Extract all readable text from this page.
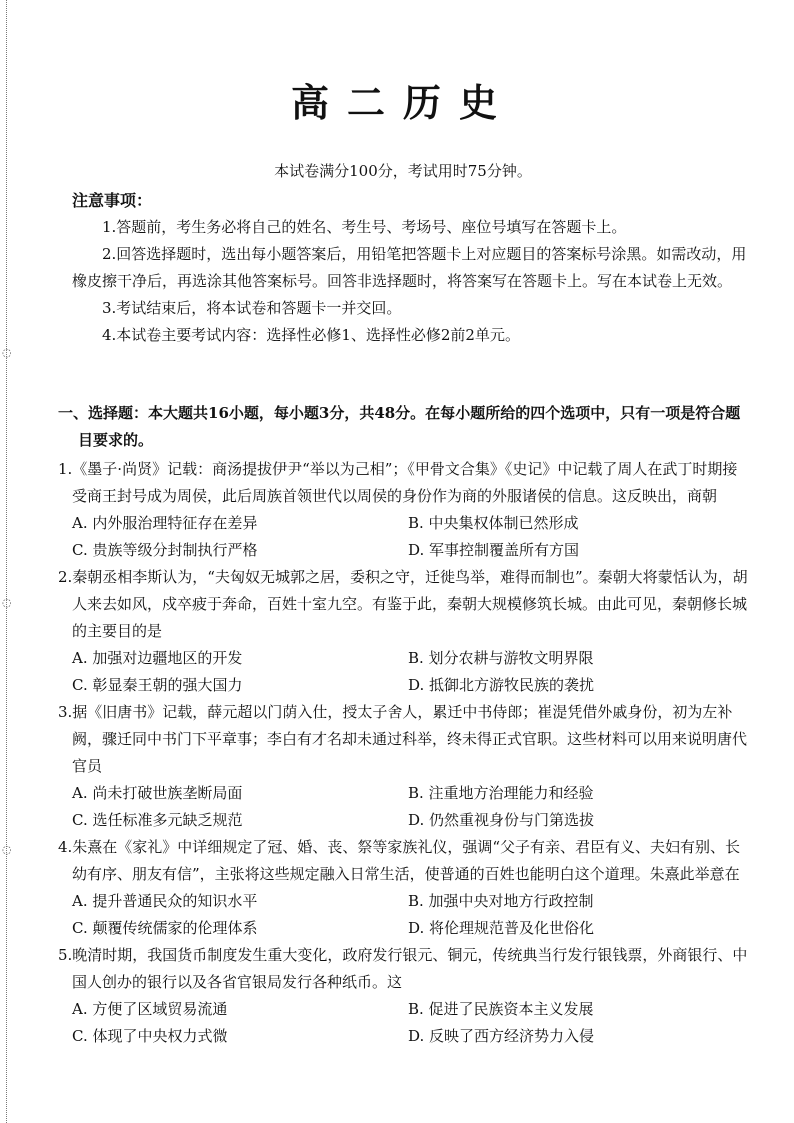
◌
◌
◌
高二历史
本试卷满分100分，考试用时75分钟。
注意事项：

1.答题前，考生务必将自己的姓名、考生号、考场号、座位号填写在答题卡上。

2.回答选择题时，选出每小题答案后，用铅笔把答题卡上对应题目的答案标号涂黑。如需改动，用橡皮擦干净后，再选涂其他答案标号。回答非选择题时，将答案写在答题卡上。写在本试卷上无效。

3.考试结束后，将本试卷和答题卡一并交回。

4.本试卷主要考试内容：选择性必修1、选择性必修2前2单元。

一、选择题：本大题共16小题，每小题3分，共48分。在每小题所给的四个选项中，只有一项是符合题目要求的。
1.《墨子·尚贤》记载：商汤提拔伊尹“举以为己相”；《甲骨文合集》《史记》中记载了周人在武丁时期接受商王封号成为周侯，此后周族首领世代以周侯的身份作为商的外服诸侯的信息。这反映出，商朝
A. 内外服治理特征存在差异	B. 中央集权体制已然形成
C. 贵族等级分封制执行严格	D. 军事控制覆盖所有方国
2.秦朝丞相李斯认为，“夫匈奴无城郭之居，委积之守，迁徙鸟举，难得而制也”。秦朝大将蒙恬认为，胡人来去如风，戍卒疲于奔命，百姓十室九空。有鉴于此，秦朝大规模修筑长城。由此可见，秦朝修长城的主要目的是
A. 加强对边疆地区的开发	B. 划分农耕与游牧文明界限
C. 彰显秦王朝的强大国力	D. 抵御北方游牧民族的袭扰
3.据《旧唐书》记载，薛元超以门荫入仕，授太子舍人，累迁中书侍郎；崔湜凭借外戚身份，初为左补阙，骤迁同中书门下平章事；李白有才名却未通过科举，终未得正式官职。这些材料可以用来说明唐代官员
A. 尚未打破世族垄断局面	B. 注重地方治理能力和经验
C. 选任标准多元缺乏规范	D. 仍然重视身份与门第选拔
4.朱熹在《家礼》中详细规定了冠、婚、丧、祭等家族礼仪，强调“父子有亲、君臣有义、夫妇有别、长幼有序、朋友有信”，主张将这些规定融入日常生活，使普通的百姓也能明白这个道理。朱熹此举意在
A. 提升普通民众的知识水平	B. 加强中央对地方行政控制
C. 颠覆传统儒家的伦理体系	D. 将伦理规范普及化世俗化
5.晚清时期，我国货币制度发生重大变化，政府发行银元、铜元，传统典当行发行银钱票，外商银行、中国人创办的银行以及各省官银局发行各种纸币。这
A. 方便了区域贸易流通	B. 促进了民族资本主义发展
C. 体现了中央权力式微	D. 反映了西方经济势力入侵
